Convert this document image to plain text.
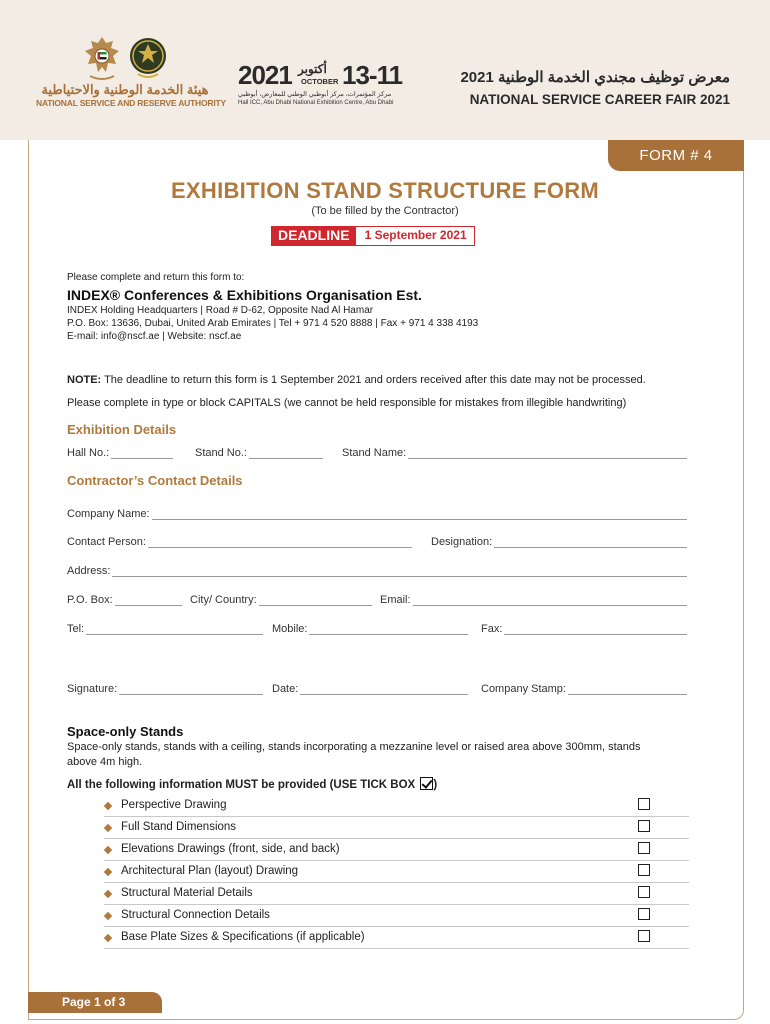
هيئة الخدمة الوطنية والاحتياطية
NATIONAL SERVICE AND RESERVE AUTHORITY
2021 أكتوبر
OCTOBER 13-11
مركز المؤتمرات، مركز أبوظبي الوطني للمعارض، أبوظبي
Hall ICC, Abu Dhabi National Exhibition Centre, Abu Dhabi
معرض توظيف مجندي الخدمة الوطنية 2021
NATIONAL SERVICE CAREER FAIR 2021
FORM # 4
EXHIBITION STAND STRUCTURE FORM
(To be filled by the Contractor)
DEADLINE	1 September 2021
Please complete and return this form to:
INDEX® Conferences & Exhibitions Organisation Est.
INDEX Holding Headquarters | Road # D-62, Opposite Nad Al Hamar
P.O. Box: 13636, Dubai, United Arab Emirates | Tel + 971 4 520 8888 | Fax + 971 4 338 4193
E-mail: info@nscf.ae | Website: nscf.ae
NOTE: The deadline to return this form is 1 September 2021 and orders received after this date may not be processed.
Please complete in type or block CAPITALS (we cannot be held responsible for mistakes from illegible handwriting)
Exhibition Details
Hall No.:	Stand No.:	Stand Name:
Contractor’s Contact Details
Company Name:
Contact Person:	Designation:
Address:
P.O. Box:	City/ Country:	Email:
Tel:	Mobile:	Fax:
Signature:	Date:	Company Stamp:
Space-only Stands
Space-only stands, stands with a ceiling, stands incorporating a mezzanine level or raised area above 300mm, stands
above 4m high.
All the following information MUST be provided (USE TICK BOX )
Perspective Drawing
Full Stand Dimensions
Elevations Drawings (front, side, and back)
Architectural Plan (layout) Drawing
Structural Material Details
Structural Connection Details
Base Plate Sizes & Specifications (if applicable)
Page 1 of 3
